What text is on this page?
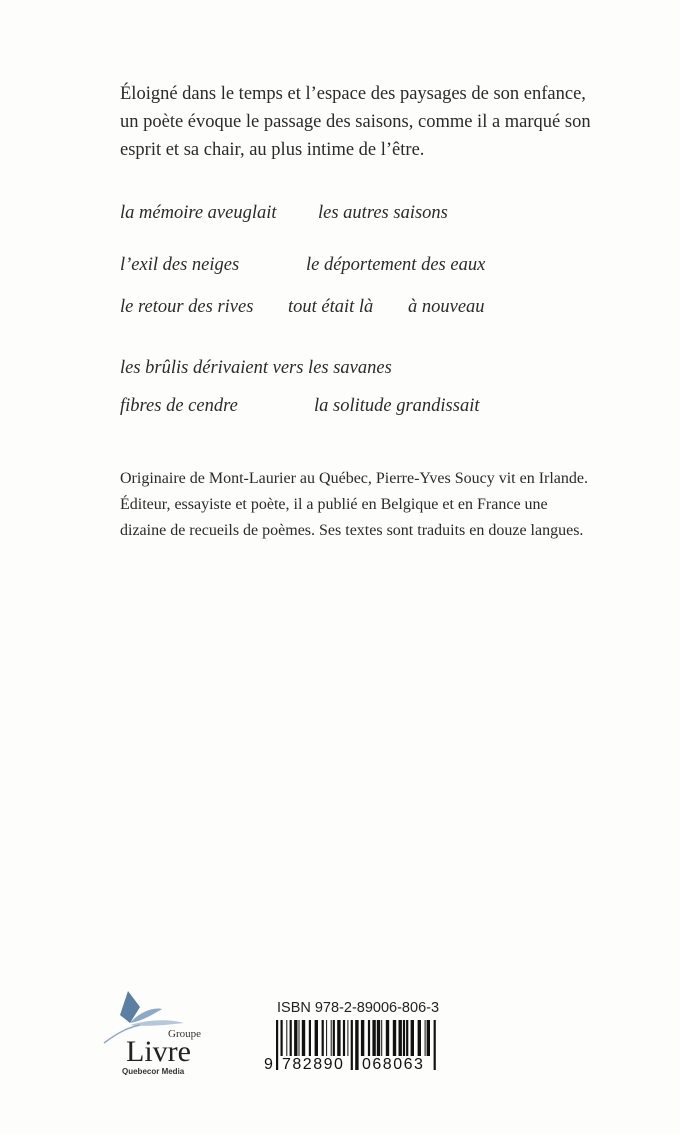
Éloigné dans le temps et l’espace des paysages de son enfance, un poète évoque le passage des saisons, comme il a marqué son esprit et sa chair, au plus intime de l’être.
la mémoire aveuglait les autres saisons
l’exil des neiges	le déportement des eaux
le retour des rives tout était là à nouveau
les brûlis dérivaient vers les savanes
fibres de cendre	la solitude grandissait
Originaire de Mont-Laurier au Québec, Pierre-Yves Soucy vit en Irlande. Éditeur, essayiste et poète, il a publié en Belgique et en France une dizaine de recueils de poèmes. Ses textes sont traduits en douze langues.
Groupe
Livre
Quebecor Media
ISBN 978-2-89006-806-3
9 782890 068063
